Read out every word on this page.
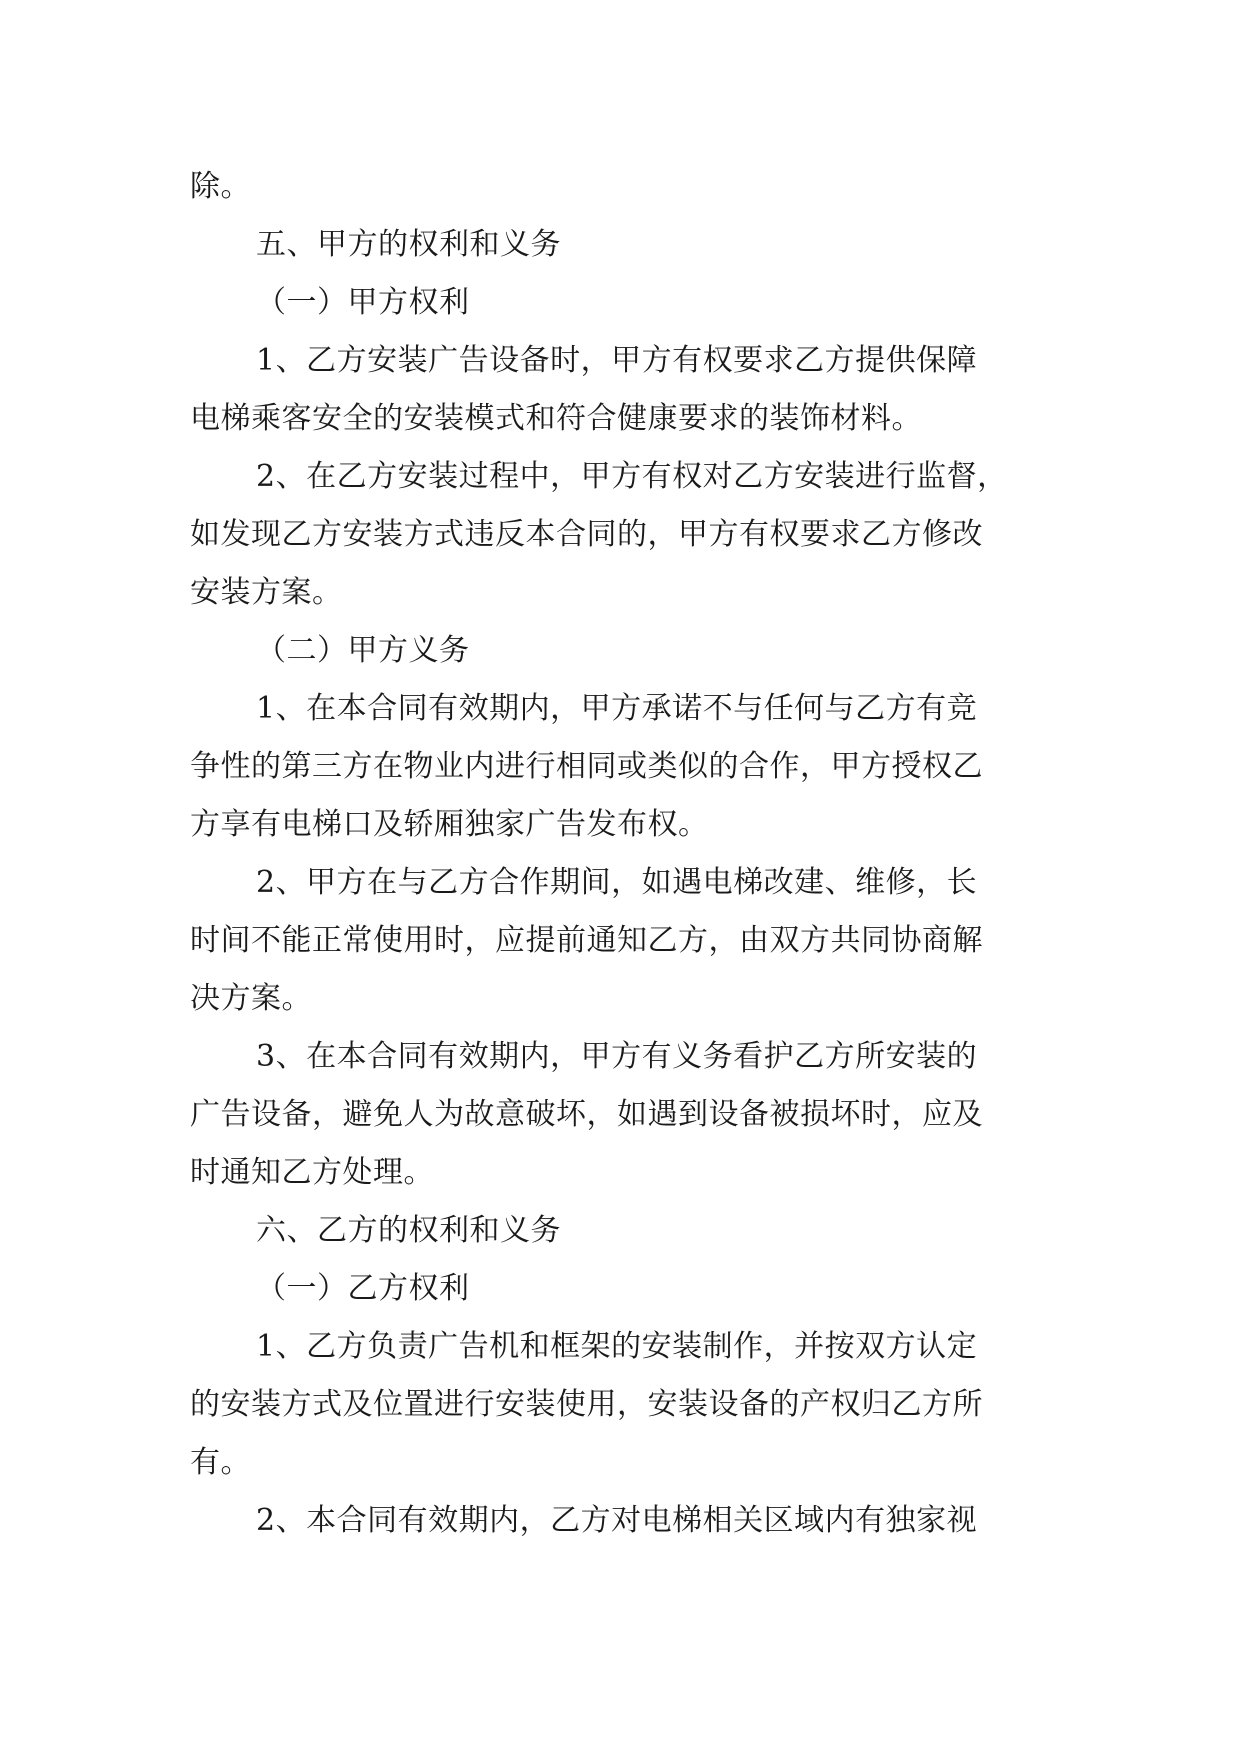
除。
五、甲方的权利和义务
（一）甲方权利
1、乙方安装广告设备时，甲方有权要求乙方提供保障
电梯乘客安全的安装模式和符合健康要求的装饰材料。
2、在乙方安装过程中，甲方有权对乙方安装进行监督，
如发现乙方安装方式违反本合同的，甲方有权要求乙方修改
安装方案。
（二）甲方义务
1、在本合同有效期内，甲方承诺不与任何与乙方有竞
争性的第三方在物业内进行相同或类似的合作，甲方授权乙
方享有电梯口及轿厢独家广告发布权。
2、甲方在与乙方合作期间，如遇电梯改建、维修，长
时间不能正常使用时，应提前通知乙方，由双方共同协商解
决方案。
3、在本合同有效期内，甲方有义务看护乙方所安装的
广告设备，避免人为故意破坏，如遇到设备被损坏时，应及
时通知乙方处理。
六、乙方的权利和义务
（一）乙方权利
1、乙方负责广告机和框架的安装制作，并按双方认定
的安装方式及位置进行安装使用，安装设备的产权归乙方所
有。
2、本合同有效期内，乙方对电梯相关区域内有独家视
